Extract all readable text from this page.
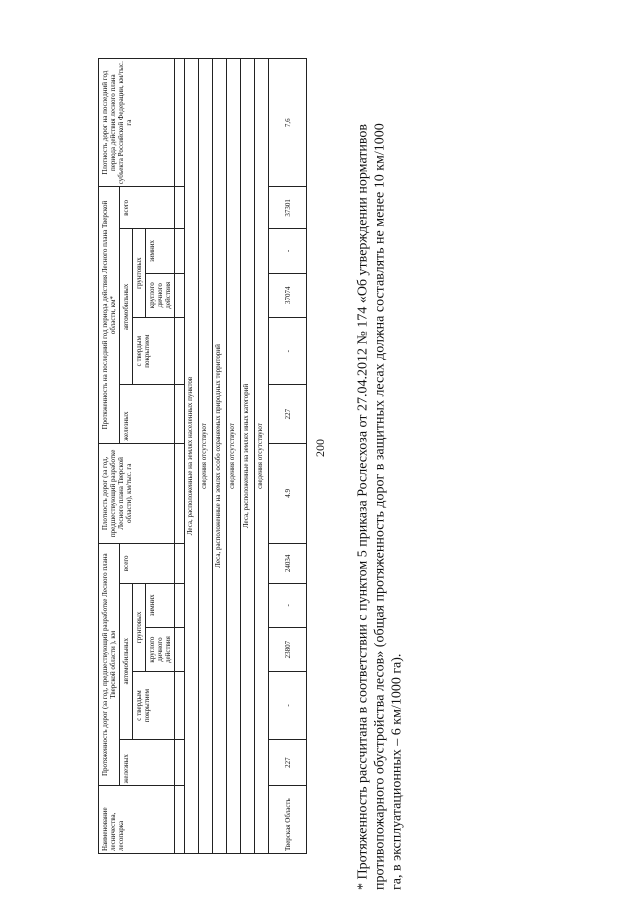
200
Наименование лесничества, лесопарка	Протяженность дорог (за год, предшествующий разработке Лесного плана Тверской области ), км					Плотность дорог (за год, предшествующий разработке Лесного плана Тверской области), км/тыс. га	Протяженность на последний год периода действия Лесного плана Тверской области, км*					Плотность дорог на последний год периода действия лесного плана субъекта Российской Федерации, км/тыс. га
	железных	автомобильных			всего		железных	автомобильных			всего	
		с твердым покрытием	грунтовых					с твердым покрытием	грунтовых			
			круглого дичного действия	зимних					круглого дичного действия	зимних		

Леса, расположенные на землях населенных пунктов												
сведения отсутствуют												
Леса, расположенные на землях особо охраняемых природных территорий												
сведения отсутствуют												
Леса, расположенные на землях иных категорий												
сведения отсутствуют												
Тверская Область	227	-	23807	-	24034	4.9	227	-	37074	-	37301	7,6
* Протяженность рассчитана в соответствии с пунктом 5 приказа Рослесхоза от 27.04.2012 № 174 «Об утверждении нормативов противопожарного обустройства лесов» (общая протяженность дорог в защитных лесах должна составлять не менее 10 км/1000 га, в эксплуатационных – 6 км/1000 га).
